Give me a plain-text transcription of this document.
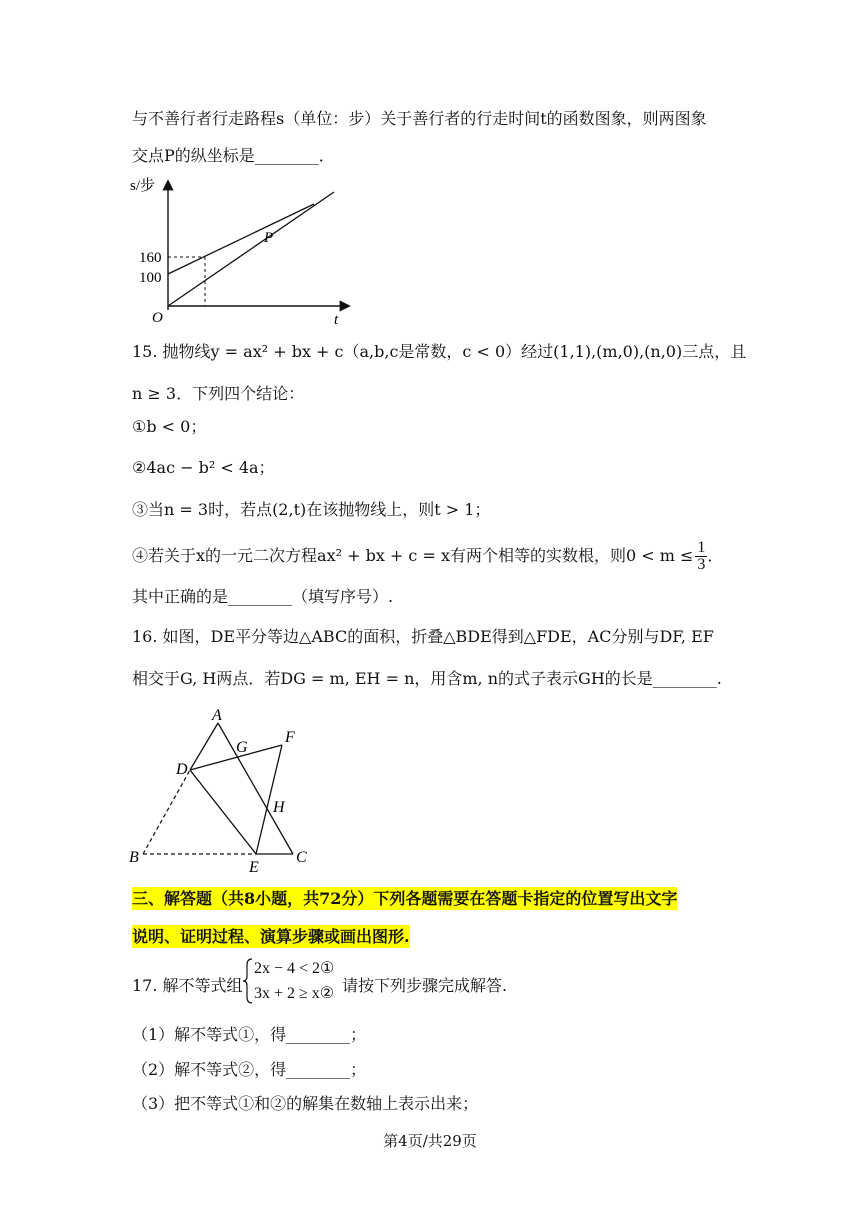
与不善行者行走路程s（单位：步）关于善行者的行走时间t的函数图象，则两图象
交点P的纵坐标是________．
s/步
t
O
P
160
100
15. 抛物线y = ax² + bx + c（a,b,c是常数，c < 0）经过(1,1),(m,0),(n,0)三点，且
n ≥ 3．下列四个结论：
①b < 0；
②4ac − b² < 4a；
③当n = 3时，若点(2,t)在该抛物线上，则t > 1；
④若关于x的一元二次方程ax² + bx + c = x有两个相等的实数根，则$0 < m \le \frac{1}{3}$ ．
其中正确的是________（填写序号）.
16. 如图，DE平分等边△ABC的面积，折叠△BDE得到△FDE，AC分别与DF, EF
相交于G, H两点．若DG = m, EH = n，用含m, n的式子表示GH的长是________.
A
G
F
D
H
B
E
C
三、解答题（共8小题，共72分）下列各题需要在答题卡指定的位置写出文字
说明、证明过程、演算步骤或画出图形.
17. 解不等式组
2x − 4 < 2①
3x + 2 ≥ x② 请按下列步骤完成解答.
（1）解不等式①，得________；
（2）解不等式②，得________；
（3）把不等式①和②的解集在数轴上表示出来；
第4页/共29页
